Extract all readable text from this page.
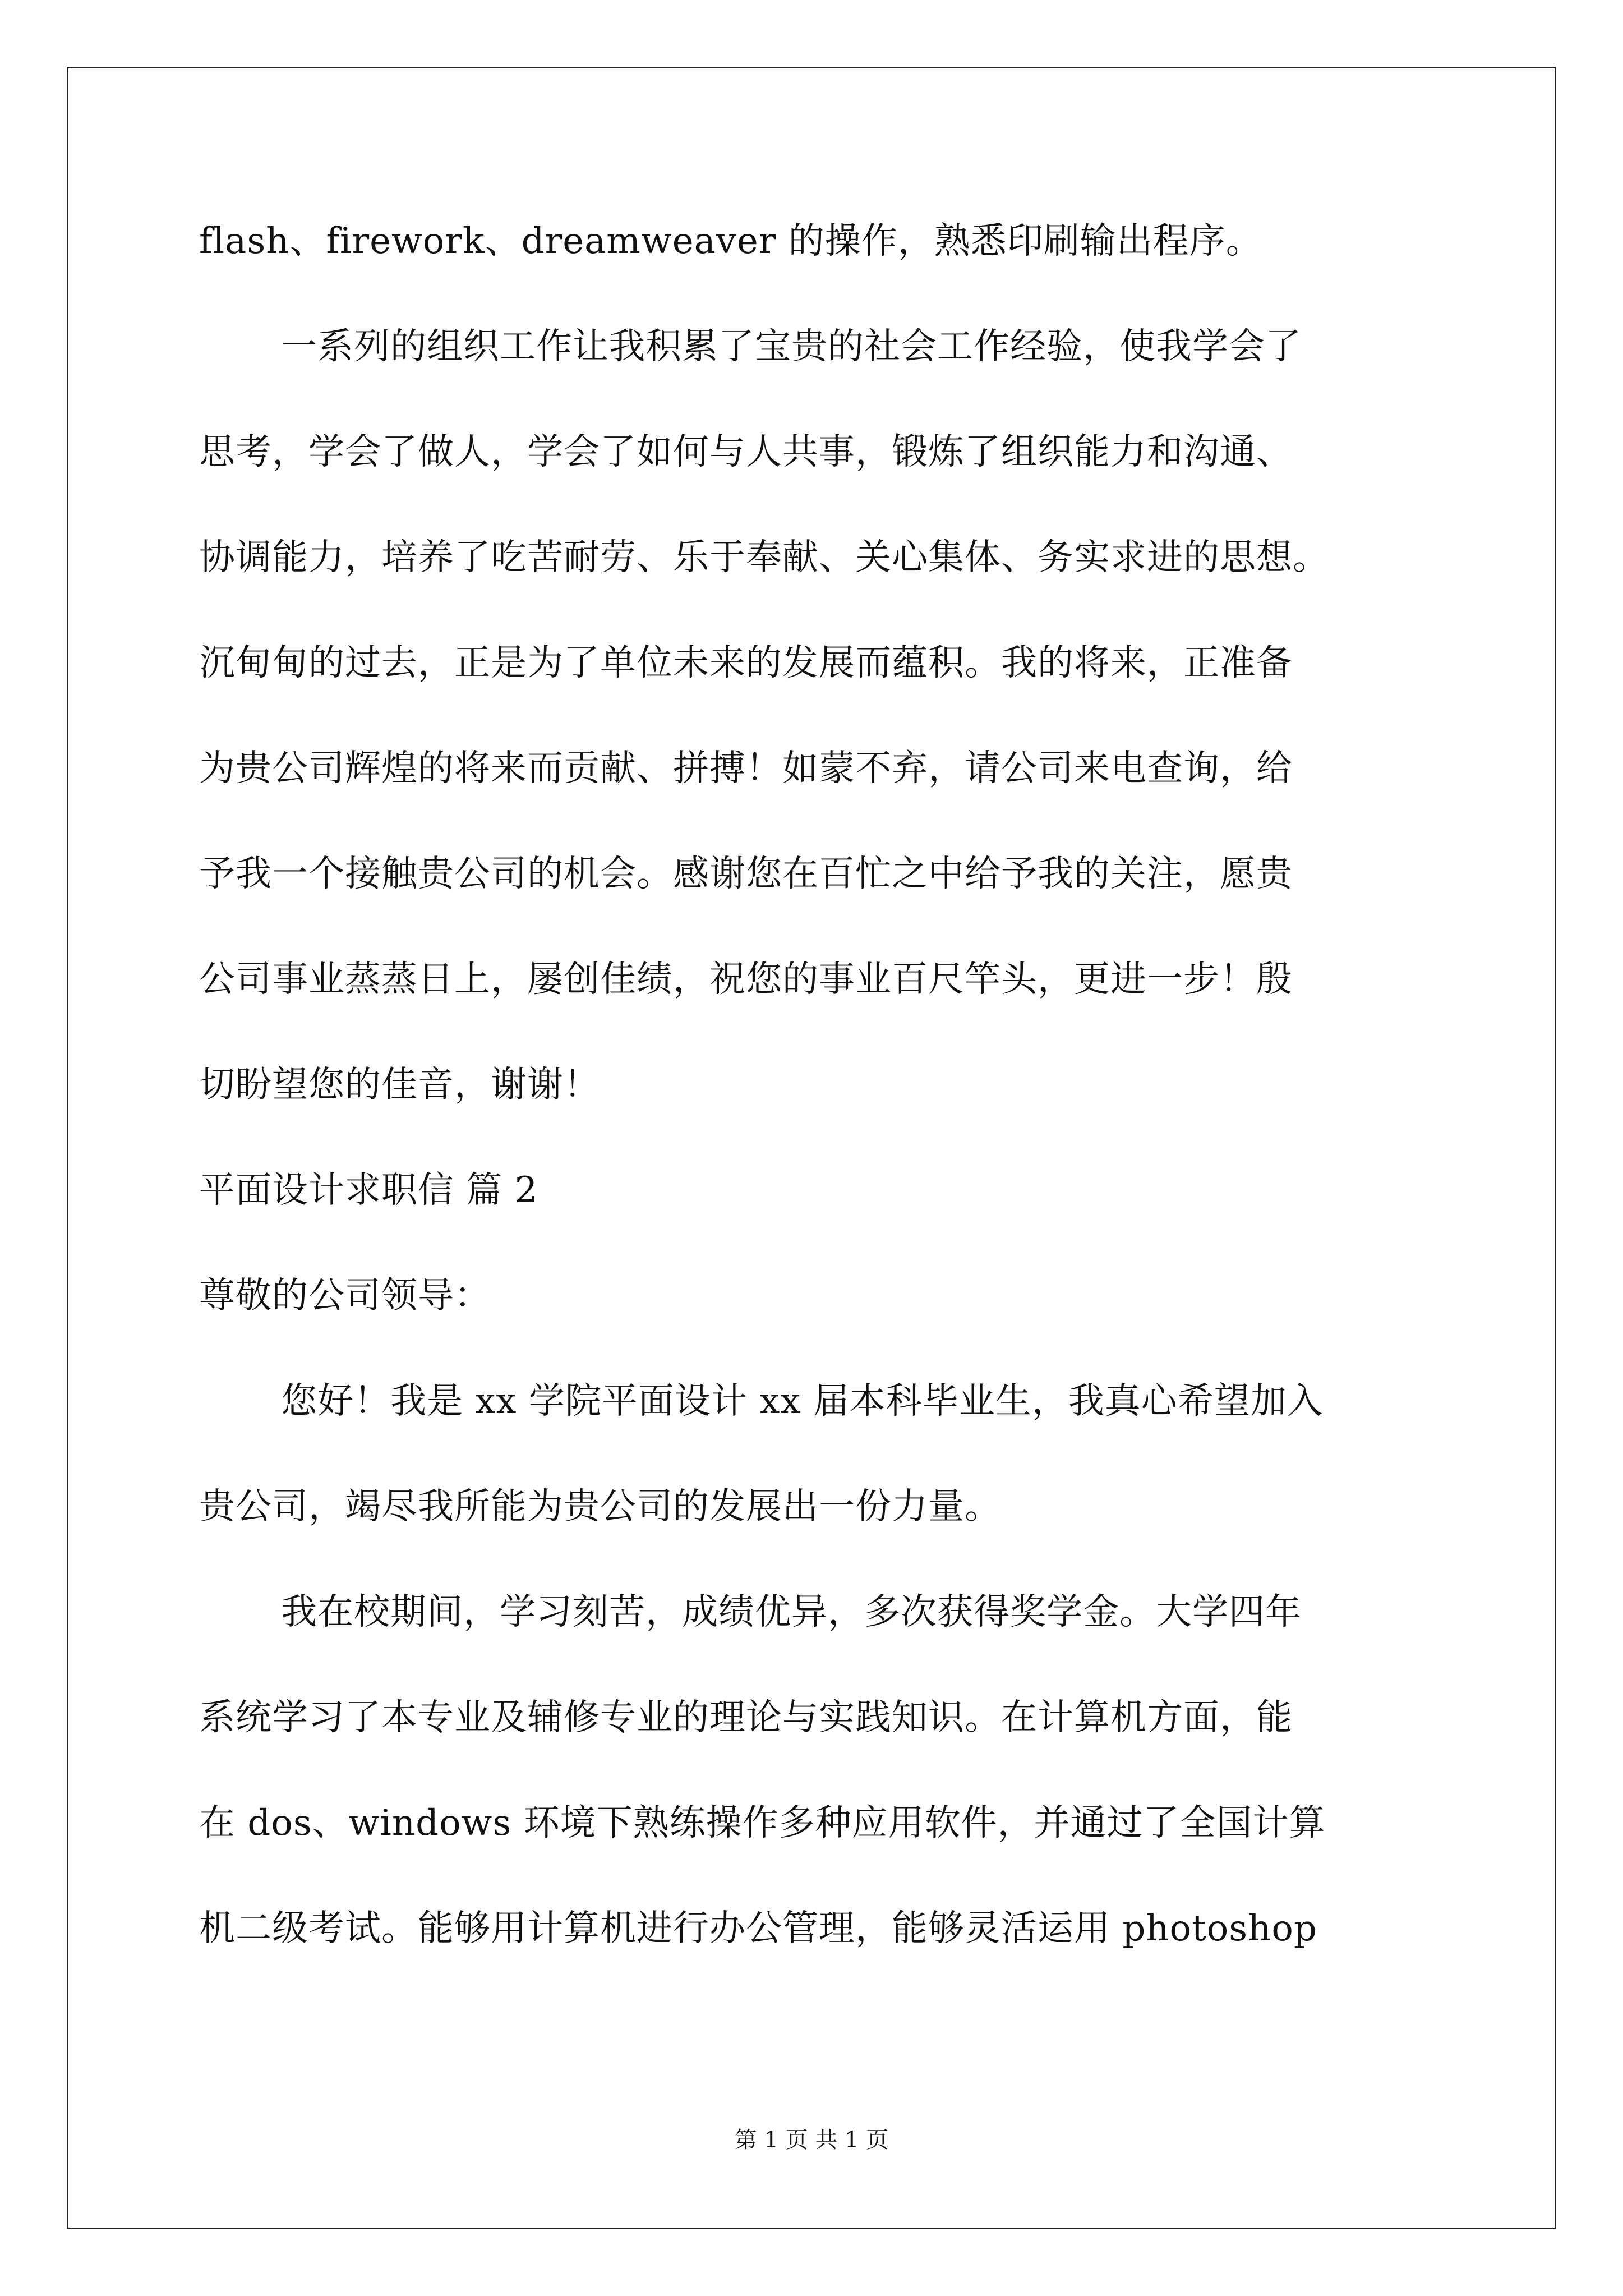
flash、firework、dreamweaver 的操作，熟悉印刷输出程序。
一系列的组织工作让我积累了宝贵的社会工作经验，使我学会了
思考，学会了做人，学会了如何与人共事，锻炼了组织能力和沟通、
协调能力，培养了吃苦耐劳、乐于奉献、关心集体、务实求进的思想。
沉甸甸的过去，正是为了单位未来的发展而蕴积。我的将来，正准备
为贵公司辉煌的将来而贡献、拼搏！如蒙不弃，请公司来电查询，给
予我一个接触贵公司的机会。感谢您在百忙之中给予我的关注，愿贵
公司事业蒸蒸日上，屡创佳绩，祝您的事业百尺竿头，更进一步！殷
切盼望您的佳音，谢谢！
平面设计求职信 篇 2
尊敬的公司领导：
您好！我是 xx 学院平面设计 xx 届本科毕业生，我真心希望加入
贵公司，竭尽我所能为贵公司的发展出一份力量。
我在校期间，学习刻苦，成绩优异，多次获得奖学金。大学四年
系统学习了本专业及辅修专业的理论与实践知识。在计算机方面，能
在 dos、windows 环境下熟练操作多种应用软件，并通过了全国计算
机二级考试。能够用计算机进行办公管理，能够灵活运用 photoshop
第 1 页 共 1 页
